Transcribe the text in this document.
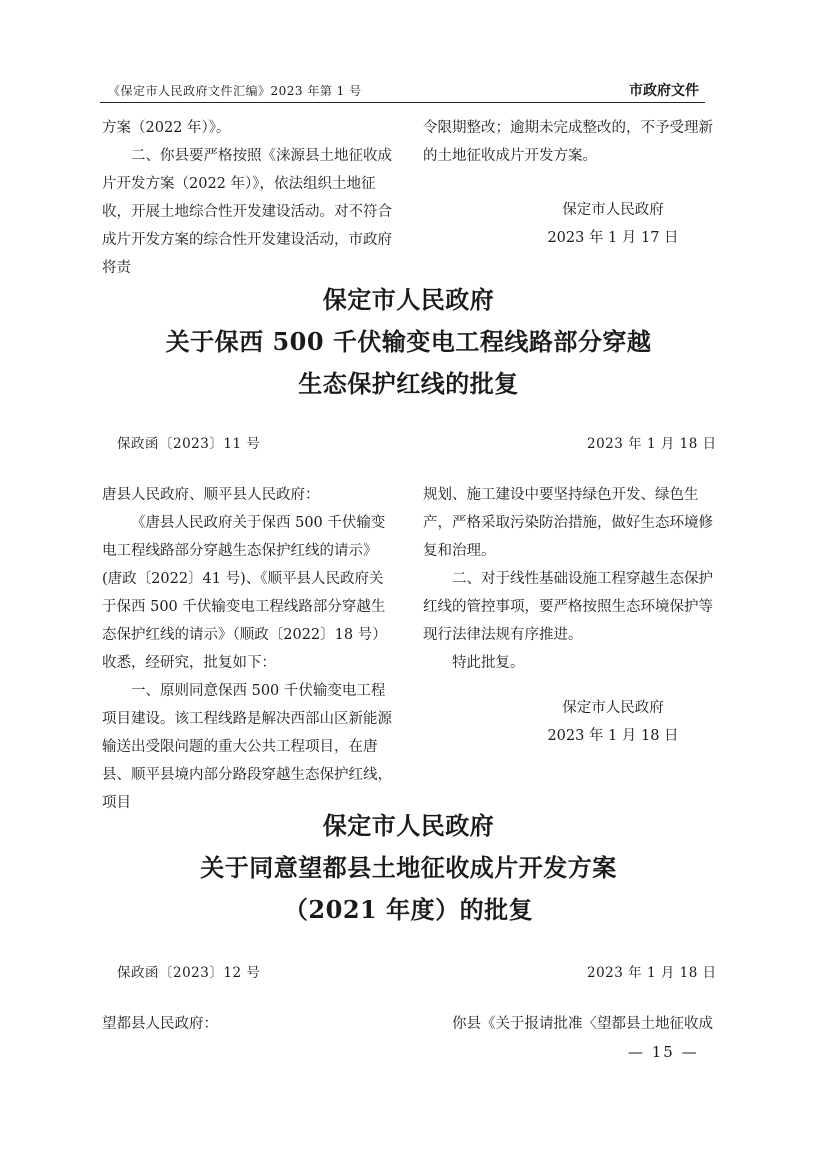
《保定市人民政府文件汇编》2023 年第 1 号	市政府文件

方案（2022 年）》。

二、你县要严格按照《涞源县土地征收成片开发方案（2022 年）》，依法组织土地征收，开展土地综合性开发建设活动。对不符合成片开发方案的综合性开发建设活动，市政府将责

令限期整改；逾期未完成整改的，不予受理新的土地征收成片开发方案。

保定市人民政府
2023 年 1 月 17 日
保定市人民政府
关于保西 500 千伏输变电工程线路部分穿越
生态保护红线的批复
保政函〔2023〕11 号	2023 年 1 月 18 日

唐县人民政府、顺平县人民政府：

《唐县人民政府关于保西 500 千伏输变电工程线路部分穿越生态保护红线的请示》(唐政〔2022〕41 号)、《顺平县人民政府关于保西 500 千伏输变电工程线路部分穿越生态保护红线的请示》（顺政〔2022〕18 号）收悉，经研究，批复如下：

一、原则同意保西 500 千伏输变电工程项目建设。该工程线路是解决西部山区新能源输送出受限问题的重大公共工程项目，在唐县、顺平县境内部分路段穿越生态保护红线，项目

规划、施工建设中要坚持绿色开发、绿色生产，严格采取污染防治措施，做好生态环境修复和治理。

二、对于线性基础设施工程穿越生态保护红线的管控事项，要严格按照生态环境保护等现行法律法规有序推进。

特此批复。

保定市人民政府
2023 年 1 月 18 日
保定市人民政府
关于同意望都县土地征收成片开发方案
（2021 年度）的批复
保政函〔2023〕12 号	2023 年 1 月 18 日
望都县人民政府：	你县《关于报请批准〈望都县土地征收成
— 15 —
